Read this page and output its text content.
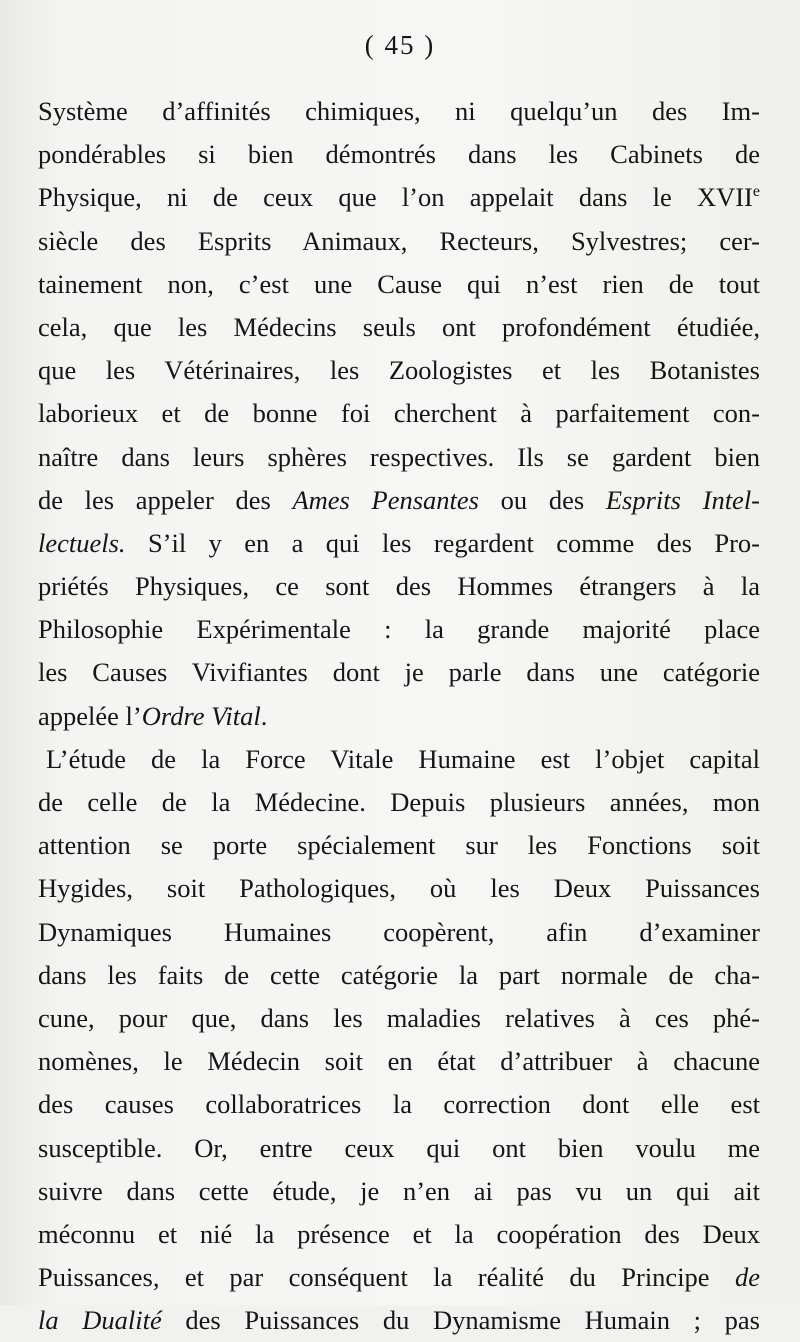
( 45 )
Système d’affinités chimiques, ni quelqu’un des Im-
pondérables si bien démontrés dans les Cabinets de
Physique, ni de ceux que l’on appelait dans le XVIIe
siècle des Esprits Animaux, Recteurs, Sylvestres; cer-
tainement non, c’est une Cause qui n’est rien de tout
cela, que les Médecins seuls ont profondément étudiée,
que les Vétérinaires, les Zoologistes et les Botanistes
laborieux et de bonne foi cherchent à parfaitement con-
naître dans leurs sphères respectives. Ils se gardent bien
de les appeler des Ames Pensantes ou des Esprits Intel-
lectuels. S’il y en a qui les regardent comme des Pro-
priétés Physiques, ce sont des Hommes étrangers à la
Philosophie Expérimentale : la grande majorité place
les Causes Vivifiantes dont je parle dans une catégorie
appelée l’Ordre Vital.
L’étude de la Force Vitale Humaine est l’objet capital
de celle de la Médecine. Depuis plusieurs années, mon
attention se porte spécialement sur les Fonctions soit
Hygides, soit Pathologiques, où les Deux Puissances
Dynamiques Humaines coopèrent, afin d’examiner
dans les faits de cette catégorie la part normale de cha-
cune, pour que, dans les maladies relatives à ces phé-
nomènes, le Médecin soit en état d’attribuer à chacune
des causes collaboratrices la correction dont elle est
susceptible. Or, entre ceux qui ont bien voulu me
suivre dans cette étude, je n’en ai pas vu un qui ait
méconnu et nié la présence et la coopération des Deux
Puissances, et par conséquent la réalité du Principe de
la Dualité des Puissances du Dynamisme Humain ; pas
